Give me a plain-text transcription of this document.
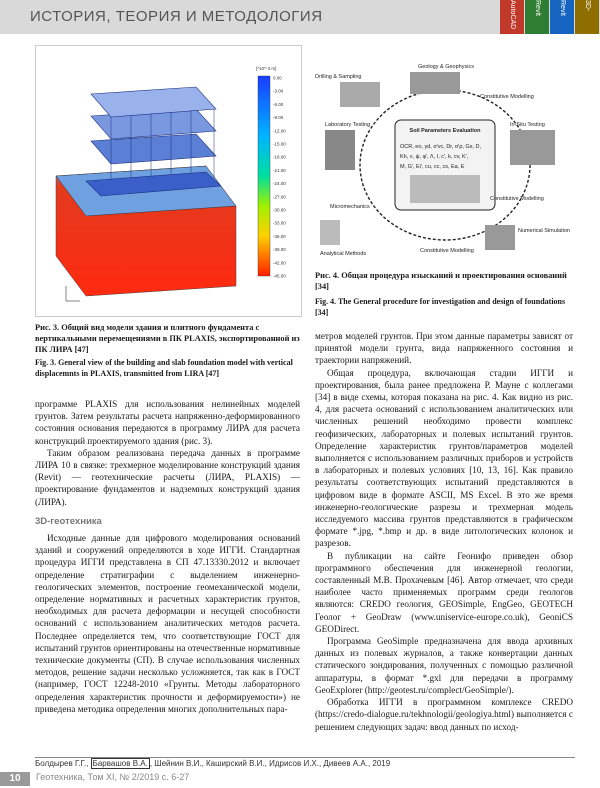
ИСТОРИЯ, ТЕОРИЯ И МЕТОДОЛОГИЯ	AutoCAD	Revit	Revit	3D-
[*10^-3 m]
0.00
-3.00
-6.00
-9.00
-12.00
-15.00
-18.00
-21.00
-24.00
-27.00
-30.00
-33.00
-36.00
-39.00
-42.00
-45.00
Рис. 3. Общий вид модели здания и плитного фундамента с вертикальными перемещениями в ПК PLAXIS, экспортированной из ПК ЛИРА [47]
Fig. 3. General view of the building and slab foundation model with vertical displacemnts in PLAXIS, transmitted from LIRA [47]
Soil Parameters Evaluation
OCR, eo, γd, σ'vc, Dr, σ'p, Gs, D,
Kh, ν, ψ, φ', Λ, I, c', k, cv, K',
M, G', Ei', cu, cc, cs, Ea, E
Geology & Geophysics
Drilling & Sampling
Laboratory Testing	In-Situ Testing
Micromechanics
Analytical Methods
Numerical Simulation
Constitutive Modelling
Constitutive Modelling
Constitutive Modelling
Рис. 4. Общая процедура изысканий и проектирования оснований [34]
Fig. 4. The General procedure for investigation and design of foundations [34]

программе PLAXIS для использования нелинейных моделей грунтов. Затем результаты расчета напряженно-деформированного состояния основания передаются в программу ЛИРА для расчета конструкций проектируемого здания (рис. 3).

Таким образом реализована передача данных в программе ЛИРА 10 в связке: трехмерное моделирование конструкций здания (Revit) — геотехнические расчеты (ЛИРА, PLAXIS) — проектирование фундаментов и надземных конструкций здания (ЛИРА).

3D-геотехника

Исходные данные для цифрового моделирования оснований зданий и сооружений определяются в ходе ИГГИ. Стандартная процедура ИГГИ представлена в СП 47.13330.2012 и включает определение стратиграфии с выделением инженерно-геологических элементов, построение геомеханической модели, определение нормативных и расчетных характеристик грунтов, необходимых для расчета деформации и несущей способности оснований с использованием аналитических методов расчета. Последнее определяется тем, что соответствующие ГОСТ для испытаний грунтов ориентированы на отечественные нормативные технические документы (СП). В случае использования численных методов, решение задачи несколько усложняется, так как в ГОСТ (например, ГОСТ 12248-2010 «Грунты. Методы лабораторного определения характеристик прочности и деформируемости») не приведена методика определения многих дополнительных пара-

метров моделей грунтов. При этом данные параметры зависят от принятой модели грунта, вида напряженного состояния и траектории напряжений.

Общая процедура, включающая стадии ИГГИ и проектирования, была ранее предложена Р. Мауне с коллегами [34] в виде схемы, которая показана на рис. 4. Как видно из рис. 4, для расчета оснований с использованием аналитических или численных решений необходимо провести комплекс геофизических, лабораторных и полевых испытаний грунтов. Определение характеристик грунтов/параметров моделей выполняется с использованием различных приборов и устройств в лабораторных и полевых условиях [10, 13, 16]. Как правило результаты соответствующих испытаний представляются в цифровом виде в формате ASCII, MS Excel. В это же время инженерно-геологические разрезы и трехмерная модель исследуемого массива грунтов представляются в графическом формате *.jpg, *.bmp и др. в виде литологических колонок и разрезов.

В публикации на сайте Геонифо приведен обзор программного обеспечения для инженерной геологии, составленный М.В. Прохачевым [46]. Автор отмечает, что среди наиболее часто применяемых программ среди геологов являются: CREDO геология, GEOSimple, EngGeo, GEOTECH Геолог + GeoDraw (www.uniservice-europe.co.uk), GeoniCS GEODirect.

Программа GeoSimple предназначена для ввода архивных данных из полевых журналов, а также конвертации данных статического зондирования, полученных с помощью различной аппаратуры, в формат *.gxl для передачи в программу GeoExplorer (http://geotest.ru/complect/GeoSimple/).

Обработка ИГГИ в программном комплексе CREDO (https://credo-dialogue.ru/tekhnologii/geologiya.html) выполняется с решением следующих задач: ввод данных по исход-

Болдырев Г.Г., Барвашов В.А. , Шейнин В.И., Каширский В.И., Идрисов И.Х., Дивеев А.А., 2019
10	Геотехника, Том XI, № 2/2019 с. 6-27
